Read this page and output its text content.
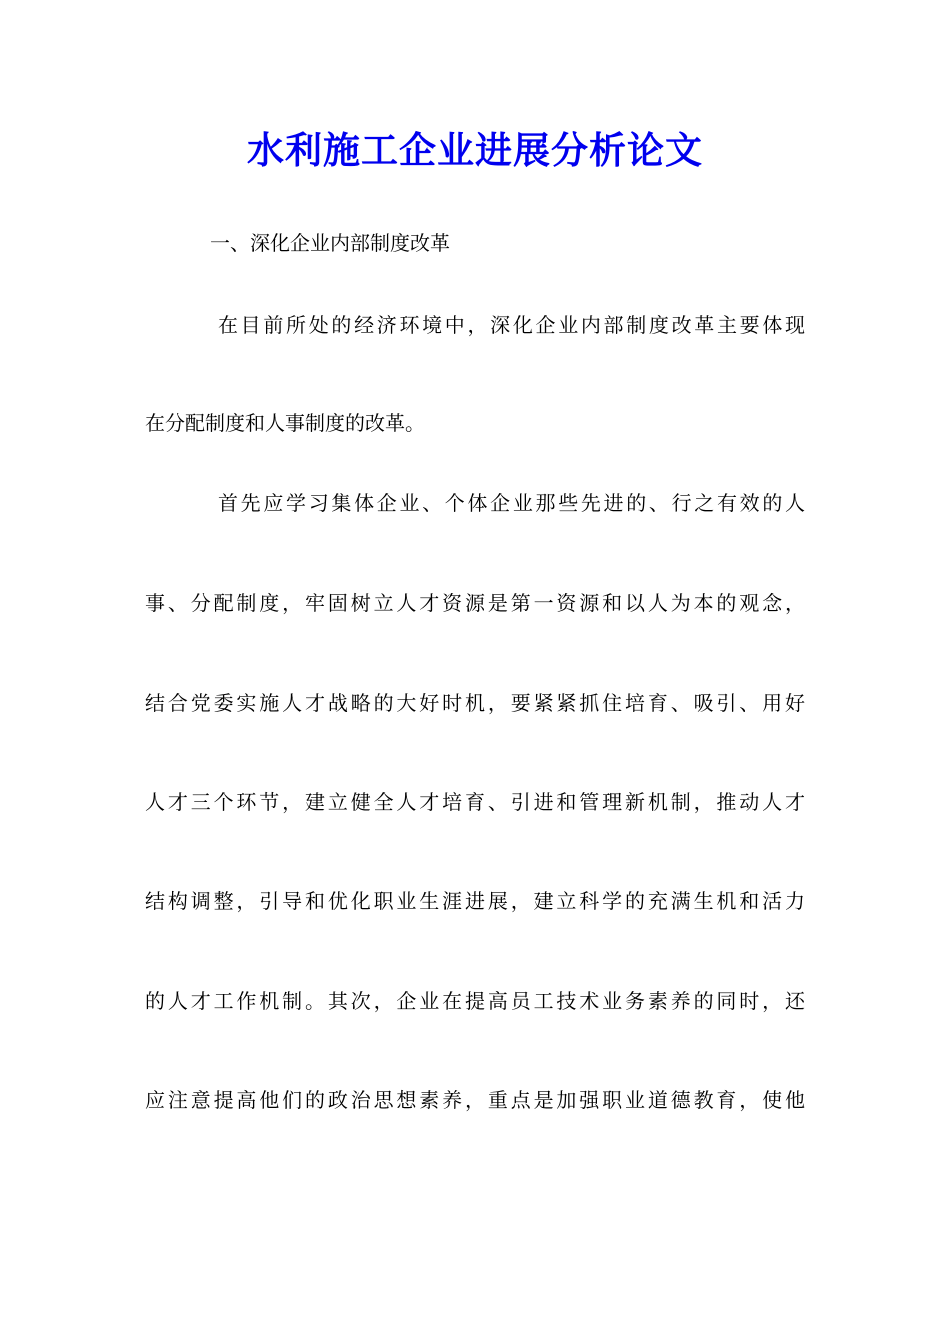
水利施工企业进展分析论文
一、深化企业内部制度改革
在目前所处的经济环境中，深化企业内部制度改革主要体现
在分配制度和人事制度的改革。
首先应学习集体企业、个体企业那些先进的、行之有效的人
事、分配制度，牢固树立人才资源是第一资源和以人为本的观念，
结合党委实施人才战略的大好时机，要紧紧抓住培育、吸引、用好
人才三个环节，建立健全人才培育、引进和管理新机制，推动人才
结构调整，引导和优化职业生涯进展，建立科学的充满生机和活力
的人才工作机制。其次，企业在提高员工技术业务素养的同时，还
应注意提高他们的政治思想素养，重点是加强职业道德教育，使他
